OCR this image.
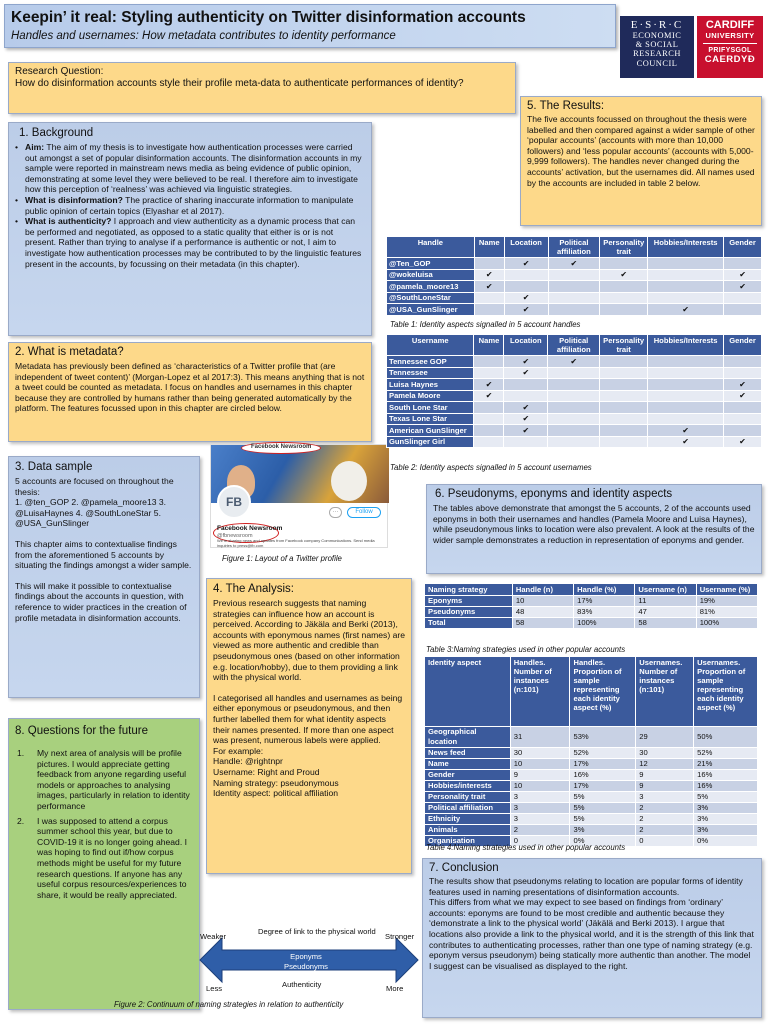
Keepin’ it real: Styling authenticity on Twitter disinformation accounts
Handles and usernames: How metadata contributes to identity performance
E·S·R·C
ECONOMIC
& SOCIAL
RESEARCH
COUNCIL
CARDIFF
UNIVERSITY
PRIFYSGOL
CAERDYÐ
Research Question:
How do disinformation accounts style their profile meta-data to authenticate performances of identity?
1. Background
• Aim: The aim of my thesis is to investigate how authentication processes were carried out amongst a set of popular disinformation accounts. The disinformation accounts in my sample were reported in mainstream news media as being evidence of public opinion, demonstrating at some level they were believed to be real. I therefore aim to investigate how this perception of ‘realness’ was achieved via linguistic strategies.
• What is disinformation? The practice of sharing inaccurate information to manipulate public opinion of certain topics (Elyashar et al 2017).
• What is authenticity? I approach and view authenticity as a dynamic process that can be performed and negotiated, as opposed to a static quality that either is or is not present. Rather than trying to analyse if a performance is authentic or not, I aim to investigate how authentication processes may be contributed to by the linguistic features present in the accounts, by focussing on their metadata (in this chapter).
2. What is metadata?
Metadata has previously been defined as ‘characteristics of a Twitter profile that (are independent of tweet content)’ (Morgan-Lopez et al 2017:3). This means anything that is not a tweet could be counted as metadata. I focus on handles and usernames in this chapter because they are controlled by humans rather than being generated automatically by the platform. The features focussed upon in this chapter are circled below.
3. Data sample
5 accounts are focused on throughout the thesis:
1. @ten_GOP 2. @pamela_moore13 3. @LuisaHaynes 4. @SouthLoneStar 5. @USA_GunSlinger
This chapter aims to contextualise findings from the aforementioned 5 accounts by situating the findings amongst a wider sample.
This will make it possible to contextualise findings about the accounts in question, with reference to wider practices in the creation of profile metadata in disinformation accounts.
Facebook Newsroom
FB
Follow
···
Facebook Newsroom
@fbnewsroom
We're sharing news and updates from Facebook company Communications. Send media inquiries to press@fb.com
Figure 1: Layout of a Twitter profile
4. The Analysis:
Previous research suggests that naming strategies can influence how an account is perceived. According to Jäkäla and Berki (2013), accounts with eponymous names (first names) are viewed as more authentic and credible than pseudonymous ones (based on other information e.g. location/hobby), due to them providing a link with the physical world.
I categorised all handles and usernames as being either eponymous or pseudonymous, and then further labelled them for what identity aspects their names presented. If more than one aspect was present, numerous labels were applied.
For example:
Handle: @rightnpr
Username: Right and Proud
Naming strategy: pseudonymous
Identity aspect: political affiliation
8. Questions for the future
1. My next area of analysis will be profile pictures. I would appreciate getting feedback from anyone regarding useful models or approaches to analysing images, particularly in relation to identity performance
2. I was supposed to attend a corpus summer school this year, but due to COVID-19 it is no longer going ahead. I was hoping to find out if/how corpus methods might be useful for my future research questions. If anyone has any useful corpus resources/experiences to share, it would be really appreciated.
Degree of link to the physical world
Weaker	Stronger
Eponyms
Pseudonyms
Less	More
Authenticity
Figure 2: Continuum of naming strategies in relation to authenticity
5. The Results:
The five accounts focussed on throughout the thesis were labelled and then compared against a wider sample of other ‘popular accounts’ (accounts with more than 10,000 followers) and ‘less popular accounts’ (accounts with 5,000-9,999 followers). The handles never changed during the accounts’ activation, but the usernames did. All names used by the accounts are included in table 2 below.
Handle	Name	Location	Political affiliation	Personality trait	Hobbies/Interests	Gender
@Ten_GOP		✔	✔			
@wokeluisa	✔			✔		✔
@pamela_moore13	✔					✔
@SouthLoneStar		✔				
@USA_GunSlinger		✔			✔	
Table 1: Identity aspects signalled in 5 account handles
Username	Name	Location	Political affiliation	Personality trait	Hobbies/Interests	Gender
Tennessee GOP		✔	✔			
Tennessee		✔				
Luisa Haynes	✔					✔
Pamela Moore	✔					✔
South Lone Star		✔				
Texas Lone Star		✔				
American GunSlinger		✔			✔	
GunSlinger Girl					✔	✔
Table 2: Identity aspects signalled in 5 account usernames
6. Pseudonyms, eponyms and identity aspects
The tables above demonstrate that amongst the 5 accounts, 2 of the accounts used eponyms in both their usernames and handles (Pamela Moore and Luisa Haynes), while pseudonymous links to location were also prevalent. A look at the results of the wider sample demonstrates a reduction in representation of eponyms and gender.
Naming strategy	Handle (n)	Handle (%)	Username (n)	Username (%)
Eponyms	10	17%	11	19%
Pseudonyms	48	83%	47	81%
Total	58	100%	58	100%
Table 3:Naming strategies used in other popular accounts
Identity aspect	Handles. Number of instances (n:101)	Handles. Proportion of sample representing each identity aspect (%)	Usernames. Number of instances (n:101)	Usernames. Proportion of sample representing each identity aspect (%)
Geographical location	31	53%	29	50%
News feed	30	52%	30	52%
Name	10	17%	12	21%
Gender	9	16%	9	16%
Hobbies/interests	10	17%	9	16%
Personality trait	3	5%	3	5%
Political affiliation	3	5%	2	3%
Ethnicity	3	5%	2	3%
Animals	2	3%	2	3%
Organisation	0	0%	0	0%
Table 4:Naming strategies used in other popular accounts
7. Conclusion
The results show that pseudonyms relating to location are popular forms of identity features used in naming presentations of disinformation accounts.
This differs from what we may expect to see based on findings from ‘ordinary’ accounts: eponyms are found to be most credible and authentic because they ‘demonstrate a link to the physical world’ (Jäkälä and Berki 2013). I argue that locations also provide a link to the physical world, and it is the strength of this link that contributes to authenticating processes, rather than one type of naming strategy (e.g. eponym versus pseudonym) being statically more authentic than another. The model I suggest can be visualised as displayed to the right.
